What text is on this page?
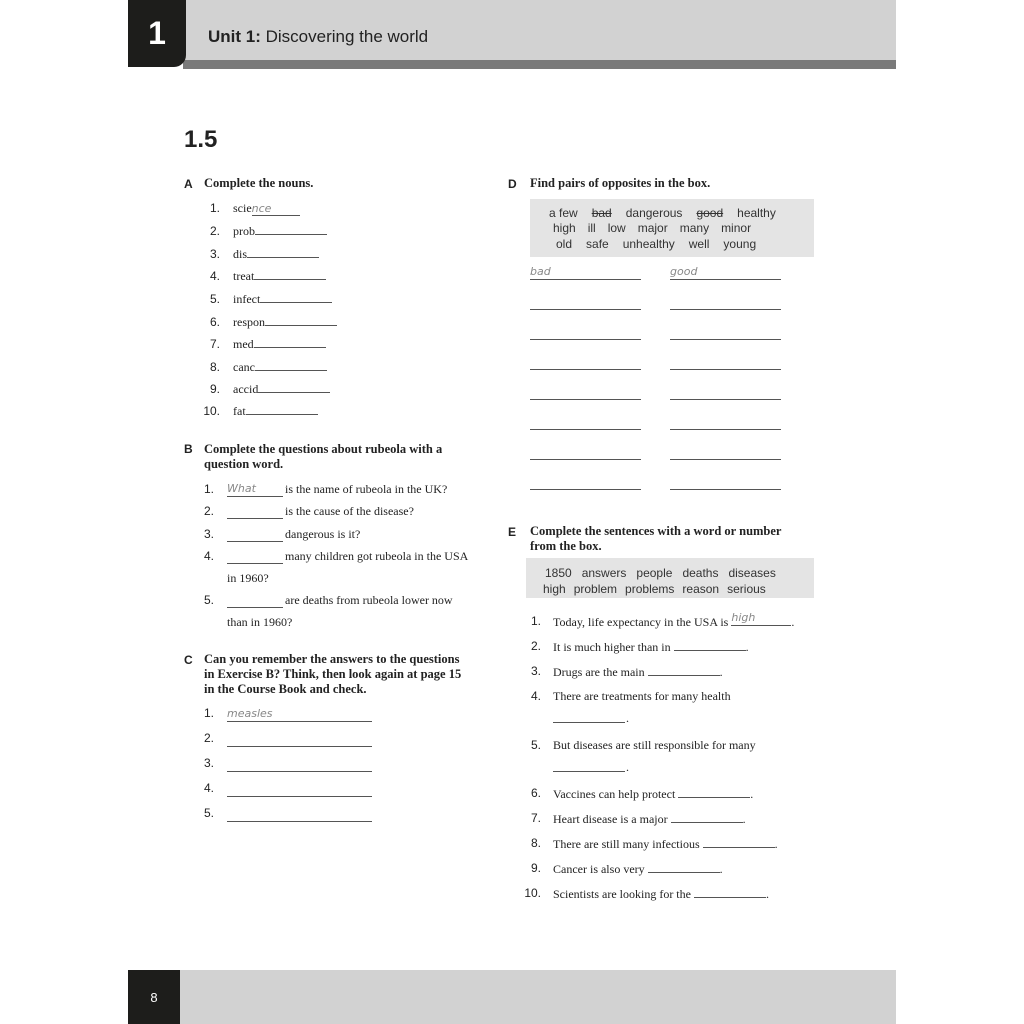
1 Unit 1: Discovering the world
1.5
A Complete the nouns.
B Complete the questions about rubeola with a
question word.
C Can you remember the answers to the questions
in Exercise B? Think, then look again at page 15
in the Course Book and check.
D Find pairs of opposites in the box.
E Complete the sentences with a word or number
from the box.
8
1. science
2. prob
3. dis
4. treat
5. infect
6. respon
7. med
8. canc
9. accid
10. fat
1. What is the name of rubeola in the UK?
2.	is the cause of the disease?
3.	dangerous is it?
4.	many children got rubeola in the USA
in 1960?
5.	are deaths from rubeola lower now
than in 1960?
1. measles
2.
3.
4.
5.
a few bad dangerous good healthy
high ill low major many minor
old safe unhealthy well young
bad	good
1850 answers people deaths diseases
high problem problems reason serious
1. Today, life expectancy in the USA is high	.
2. It is much higher than in	.
3. Drugs are the main	.
4. There are treatments for many health
.
5. But diseases are still responsible for many
.
6. Vaccines can help protect	.
7. Heart disease is a major	.
8. There are still many infectious	.
9. Cancer is also very	.
10. Scientists are looking for the	.
